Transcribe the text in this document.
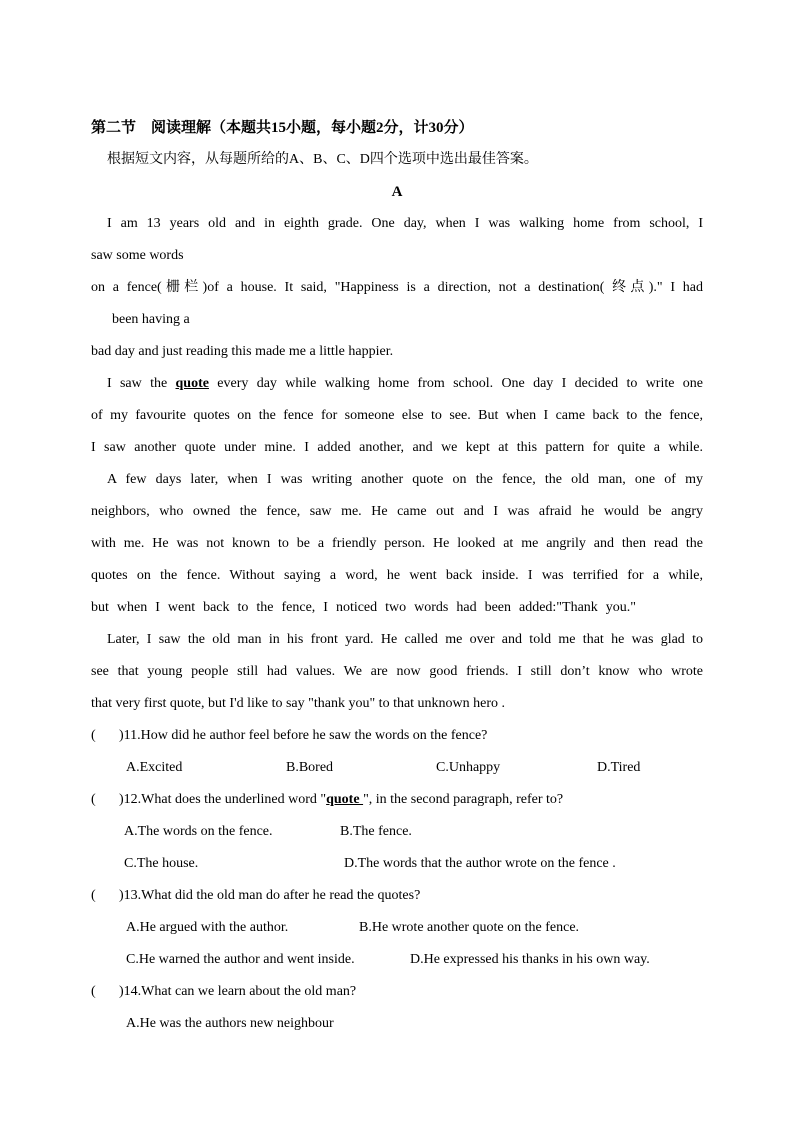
第二节　阅读理解（本题共15小题，每小题2分，计30分）
根据短文内容，从每题所给的A、B、C、D四个选项中选出最佳答案。
A
I am 13 years old and in eighth grade. One day, when I was walking home from school, I
saw some words
on a fence(栅栏)of a house. It said, "Happiness is a direction, not a destination( 终点)." I had
been having a
bad day and just reading this made me a little happier.
I saw the quote every day while walking home from school. One day I decided to write one
of my favourite quotes on the fence for someone else to see. But when I came back to the fence,
I saw another quote under mine. I added another, and we kept at this pattern for quite a while.
A few days later, when I was writing another quote on the fence, the old man, one of my
neighbors, who owned the fence, saw me. He came out and I was afraid he would be angry
with me. He was not known to be a friendly person. He looked at me angrily and then read the
quotes on the fence. Without saying a word, he went back inside. I was terrified for a while,
but when I went back to the fence, I noticed two words had been added:"Thank you."
Later, I saw the old man in his front yard. He called me over and told me that he was glad to
see that young people still had values. We are now good friends. I still don’t know who wrote
that very first quote, but I'd like to say "thank you" to that unknown hero .
( )11.How did he author feel before he saw the words on the fence?
A.Excited	B.Bored	C.Unhappy	D.Tired
( )12.What does the underlined word "quote ", in the second paragraph, refer to?
A.The words on the fence.	B.The fence.
C.The house.	D.The words that the author wrote on the fence .
( )13.What did the old man do after he read the quotes?
A.He argued with the author.	B.He wrote another quote on the fence.
C.He warned the author and went inside.	D.He expressed his thanks in his own way.
( )14.What can we learn about the old man?
A.He was the authors new neighbour
